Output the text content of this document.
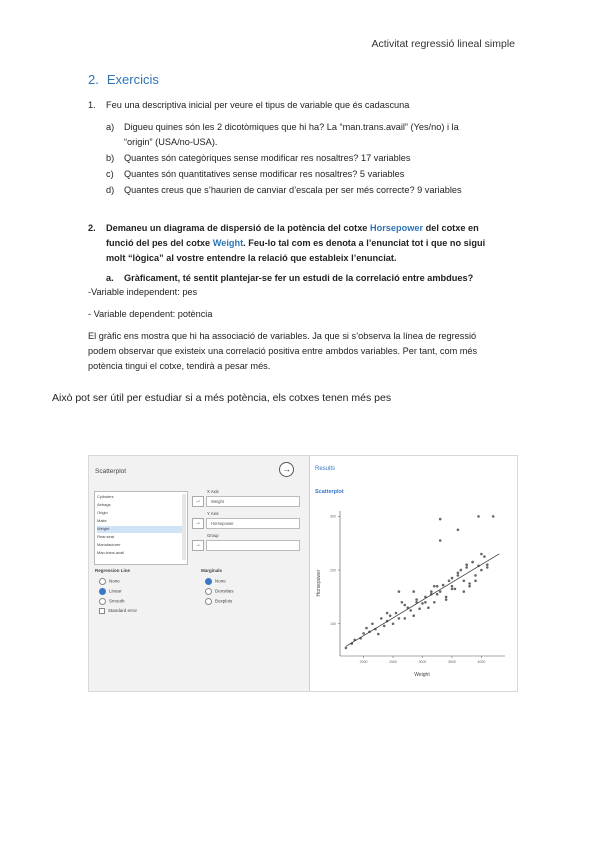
Activitat regressió lineal simple
2. Exercicis
1. Feu una descriptiva inicial per veure el tipus de variable que és cadascuna
a) Digueu quines són les 2 dicotòmiques que hi ha? La “man.trans.avail” (Yes/no) i la
“origin” (USA/no-USA).
b) Quantes són categòriques sense modificar res nosaltres? 17 variables
c) Quantes són quantitatives sense modificar res nosaltres? 5 variables
d) Quantes creus que s’haurien de canviar d’escala per ser més correcte? 9 variables
2. Demaneu un diagrama de dispersió de la potència del cotxe Horsepower del cotxe en
funció del pes del cotxe Weight. Feu-lo tal com es denota a l’enunciat tot i que no sigui
molt “lògica” al vostre entendre la relació que estableix l’enunciat.
a. Gràficament, té sentit plantejar-se fer un estudi de la correlació entre ambdues?
-Variable independent: pes
- Variable dependent: potència
El gràfic ens mostra que hi ha associació de variables. Ja que si s’observa la línea de regressió
podem observar que existeix una correlació positiva entre ambdos variables. Per tant, com més
potència tingui el cotxe, tendirà a pesar més.
Això pot ser útil per estudiar si a més potència, els cotxes tenen més pes
Scatterplot
Cylinders
Airbags
Origin
Make
Weight
Rear.seat
Manufacturer
Man.trans.avail
→
→
→
X Axis
Weight
Y Axis
Horsepower
Group
Regression Line
None
Linear
Smooth
Standard error
Marginals
None
Densities
Boxplots
→	Results
Scatterplot
2000	2500	3000	3500	4000
100
200
300
Weight
Horsepower
